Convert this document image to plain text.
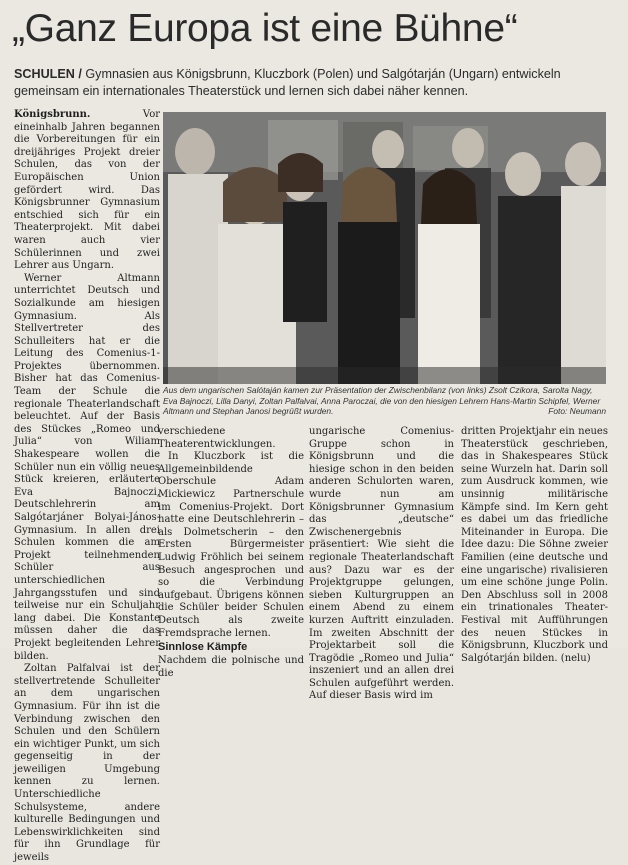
„Ganz Europa ist eine Bühne“
SCHULEN / Gymnasien aus Königsbrunn, Kluczbork (Polen) und Salgótarján (Ungarn) entwickeln gemeinsam ein internationales Theaterstück und lernen sich dabei näher kennen.

Königsbrunn.	Vor eineinhalb Jahren begannen die Vorbereitungen für ein dreijähriges Projekt dreier Schulen, das von der Europäischen Union gefördert wird. Das Königsbrunner Gymnasium entschied sich für ein Theaterprojekt. Mit dabei waren auch vier Schülerinnen und zwei Lehrer aus Ungarn.

Werner Altmann unterrichtet Deutsch und Sozialkunde am hiesigen Gymnasium. Als Stellvertreter des Schulleiters hat er die Leitung des Comenius-1-Projektes übernommen. Bisher hat das Comenius-Team der Schule die regionale Theaterlandschaft beleuchtet. Auf der Basis des Stückes „Romeo und Julia“ von Wiliam Shakespeare wollen die Schüler nun ein völlig neues Stück kreieren, erläuterte Eva Bajnoczi, Deutschlehrerin am Salgótarjáner Bolyai-János-Gymnasium. In allen drei Schulen kommen die am Projekt teilnehmenden Schüler aus unterschiedlichen Jahrgangsstufen und sind teilweise nur ein Schuljahr lang dabei. Die Konstante müssen daher die das Projekt begleitenden Lehrer bilden.

Zoltan Palfalvai ist der stellvertretende Schulleiter an dem ungarischen Gymnasium. Für ihn ist die Verbindung zwischen den Schulen und den Schülern ein wichtiger Punkt, um sich gegenseitig in der jeweiligen Umgebung kennen zu lernen. Unterschiedliche Schulsysteme, andere kulturelle Bedingungen und Lebenswirklichkeiten sind für ihn Grundlage für jeweils

Aus dem ungarischen Salótaján kamen zur Präsentation der Zwischenbilanz (von links) Zsolt Czikora, Sarolta Nagy, Eva Bajnoczi, Lilla Danyi, Zoltan Palfalvai, Anna Paroczai, die von den hiesigen Lehrern Hans-Martin Schipfel, Werner Altmann und Stephan Janosi begrüßt wurden.	Foto: Neumann

verschiedene Theaterentwicklungen.

In Kluczbork ist die Allgemeinbildende Oberschule Adam Mickiewicz Partnerschule im Comenius-Projekt. Dort hatte eine Deutschlehrerin – als Dolmetscherin – den Ersten Bürgermeister Ludwig Fröhlich bei seinem Besuch angesprochen und so die Verbindung aufgebaut. Übrigens können die Schüler beider Schulen Deutsch als zweite Fremdsprache lernen.

Sinnlose Kämpfe

Nachdem die polnische und die

ungarische Comenius-Gruppe schon in Königsbrunn und die hiesige schon in den beiden anderen Schulorten waren, wurde nun am Königsbrunner Gymnasium das „deutsche“ Zwischenergebnis präsentiert: Wie sieht die regionale Theaterlandschaft aus? Dazu war es der Projektgruppe gelungen, sieben Kulturgruppen an einem Abend zu einem kurzen Auftritt einzuladen. Im zweiten Abschnitt der Projektarbeit soll die Tragödie „Romeo und Julia“ inszeniert und an allen drei Schulen aufgeführt werden. Auf dieser Basis wird im

dritten Projektjahr ein neues Theaterstück geschrieben, das in Shakespeares Stück seine Wurzeln hat. Darin soll zum Ausdruck kommen, wie unsinnig militärische Kämpfe sind. Im Kern geht es dabei um das friedliche Miteinander in Europa. Die Idee dazu: Die Söhne zweier Familien (eine deutsche und eine ungarische) rivalisieren um eine schöne junge Polin. Den Abschluss soll in 2008 ein trinationales Theater-Festival mit Aufführungen des neuen Stückes in Königsbrunn, Kluczbork und Salgótarján bilden. (nelu)
